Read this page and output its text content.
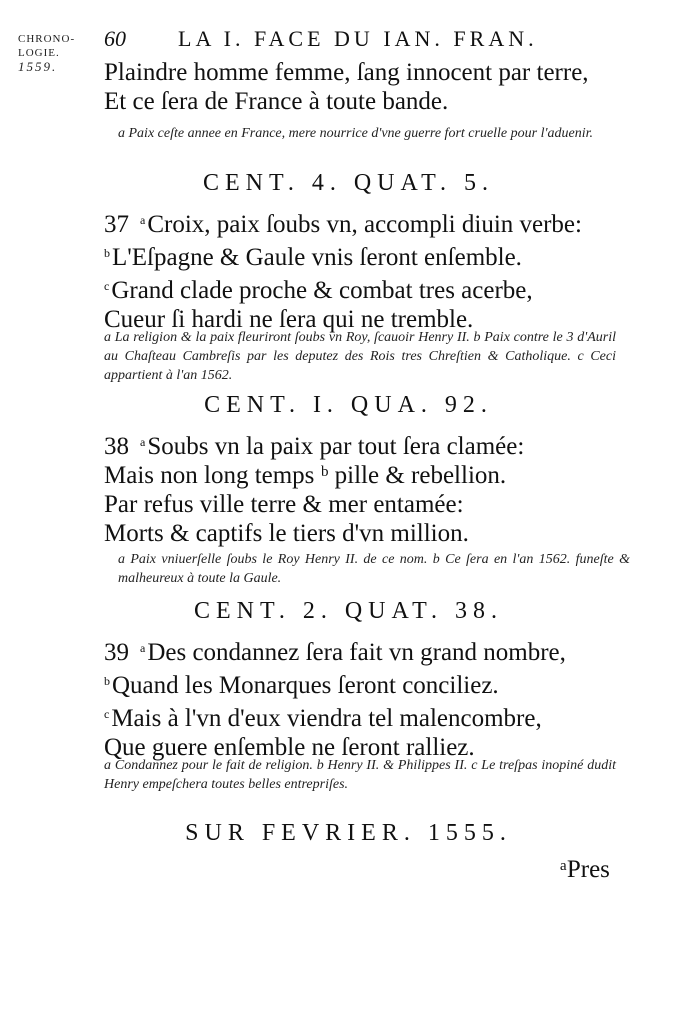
CHRONO-
LOGIE.
1559.
60 LA I. FACE DU IAN. FRAN.
Plaindre homme femme, ſang innocent par terre,
Et ce ſera de France à toute bande.
a Paix ceſte annee en France, mere nourrice d'vne guerre fort cruelle pour l'aduenir.
CENT. 4. QUAT. 5.
37 $^a$Croix, paix ſoubs vn, accompli diuin verbe:
$^b$L'Eſpagne & Gaule vnis ſeront enſemble.
$^c$Grand clade proche & combat tres acerbe,
Cueur ſi hardi ne ſera qui ne tremble.
a La religion & la paix fleuriront ſoubs vn Roy, ſcauoir Henry II. b Paix contre le 3 d'Auril au Chaſteau Cambreſis par les deputez des Rois tres Chreſtien & Catholique. c Ceci appartient à l'an 1562.
CENT. I. QUA. 92.
38 $^a$Soubs vn la paix par tout ſera clamée:
Mais non long temps ᵇ pille & rebellion.
Par refus ville terre & mer entamée:
Morts & captifs le tiers d'vn million.
a Paix vniuerſelle ſoubs le Roy Henry II. de ce nom. b Ce ſera en l'an 1562. funeſte & malheureux à toute la Gaule.
CENT. 2. QUAT. 38.
39 $^a$Des condannez ſera fait vn grand nombre,
$^b$Quand les Monarques ſeront conciliez.
$^c$Mais à l'vn d'eux viendra tel malencombre,
Que guere enſemble ne ſeront ralliez.
a Condannez pour le fait de religion. b Henry II. & Philippes II. c Le treſpas inopiné dudit Henry empeſchera toutes belles entrepriſes.
SUR FEVRIER. 1555.
ᵃPres
